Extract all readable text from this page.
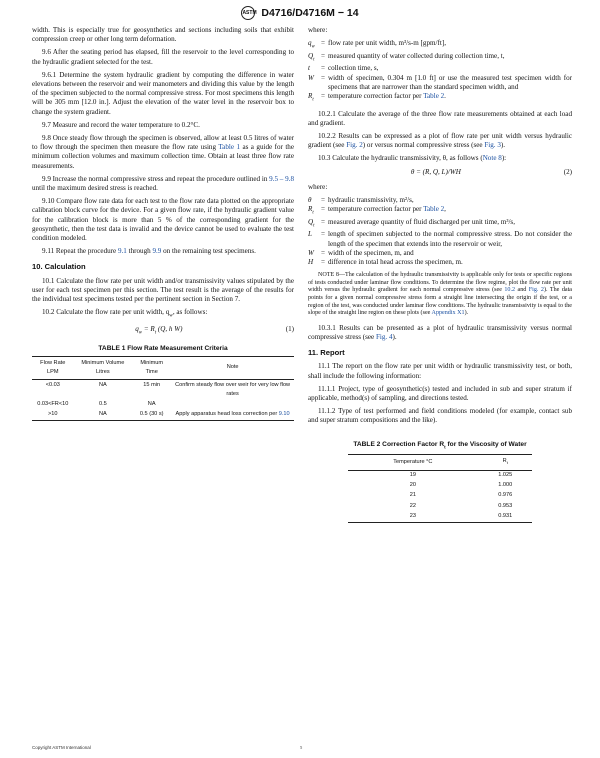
ASTM D4716/D4716M − 14

width. This is especially true for geosynthetics and sections including soils that exhibit compression creep or other long term deformation.

9.6 After the seating period has elapsed, fill the reservoir to the level corresponding to the hydraulic gradient selected for the test.

9.6.1 Determine the system hydraulic gradient by computing the difference in water elevations between the reservoir and weir manometers and dividing this value by the length of the specimen subjected to the normal compressive stress. For most specimens this length will be 305 mm [12.0 in.]. Adjust the elevation of the water level in the reservoir box to change the system gradient.

9.7 Measure and record the water temperature to 0.2°C.

9.8 Once steady flow through the specimen is observed, allow at least 0.5 litres of water to flow through the specimen then measure the flow rate using Table 1 as a guide for the minimum collection volumes and maximum collection time. Obtain at least three flow rate measurements.

9.9 Increase the normal compressive stress and repeat the procedure outlined in 9.5 – 9.8 until the maximum desired stress is reached.

9.10 Compare flow rate data for each test to the flow rate data plotted on the appropriate calibration block curve for the device. For a given flow rate, if the hydraulic gradient value for the calibration block is more than 5 % of the corresponding gradient for the geosynthetic, then the test data is invalid and the device cannot be used to evaluate the test condition modeled.

9.11 Repeat the procedure 9.1 through 9.9 on the remaining test specimens.

10. Calculation

10.1 Calculate the flow rate per unit width and/or transmissivity values stipulated by the user for each test specimen per this section. The test result is the average of the results for the individual test specimens tested per the pertinent section in Section 7.

10.2 Calculate the flow rate per unit width, $q_w$, as follows:

$q_w = R_t$ (Q, h W)	(1)
TABLE 1 Flow Rate Measurement Criteria
Flow Rate LPM	Minimum Volume Litres	Minimum Time	Note
<0.03	NA	15 min	Confirm steady flow over weir for very low flow rates
0.03<FR<10	0.5	NA	
>10	NA	0.5 (30 s)	Apply apparatus head loss correction per 9.10

where:

$q_w$ = flow rate per unit width, m³/s-m [gpm/ft],
$Q_t$ = measured quantity of water collected during collection time, t,
t	= collection time, s,
W = width of specimen, 0.304 m [1.0 ft] or use the measured test specimen width for specimens that are narrower than the standard specimen width, and
$R_t$	= temperature correction factor per Table 2.

10.2.1 Calculate the average of the three flow rate measurements obtained at each load and gradient.

10.2.2 Results can be expressed as a plot of flow rate per unit width versus hydraulic gradient (see Fig. 2) or versus normal compressive stress (see Fig. 3).

10.3 Calculate the hydraulic transmissivity, θ, as follows (Note 8):

θ = (R, Q, L)/WH	(2)

where:

θ	= hydraulic transmissivity, m²/s,
$R_t$	= temperature correction factor per Table 2,
$Q_t$ = measured average quantity of fluid discharged per unit time, m³/s,
L	= length of specimen subjected to the normal compressive stress. Do not consider the length of the specimen that extends into the reservoir or weir,
W = width of the specimen, m, and
H	= difference in total head across the specimen, m.
NOTE 8—The calculation of the hydraulic transmissivity is applicable only for tests or specific regions of tests conducted under laminar flow conditions. To determine the flow regime, plot the flow rate per unit width versus the hydraulic gradient for each normal compressive stress (see 10.2 and Fig. 2). The data points for a given normal compressive stress form a straight line intersecting the origin if the test, or a region of the test, was conducted under laminar flow conditions. The hydraulic transmissivity is equal to the slope of the straight line region on these plots (see Appendix X1).

10.3.1 Results can be presented as a plot of hydraulic transmissivity versus normal compressive stress (see Fig. 4).

11. Report

11.1 The report on the flow rate per unit width or hydraulic transmissivity test, or both, shall include the following information:

11.1.1 Project, type of geosynthetic(s) tested and included in sub and super stratum if applicable, method(s) of sampling, and directions tested.

11.1.2 Type of test performed and field conditions modeled (for example, contact sub and super stratum compositions and the like).

TABLE 2 Correction Factor $R_t$ for the Viscosity of Water
Temperature °C	$R_t$
19	1.025
20	1.000
21	0.976
22	0.953
23	0.931
Copyright ASTM International	5
